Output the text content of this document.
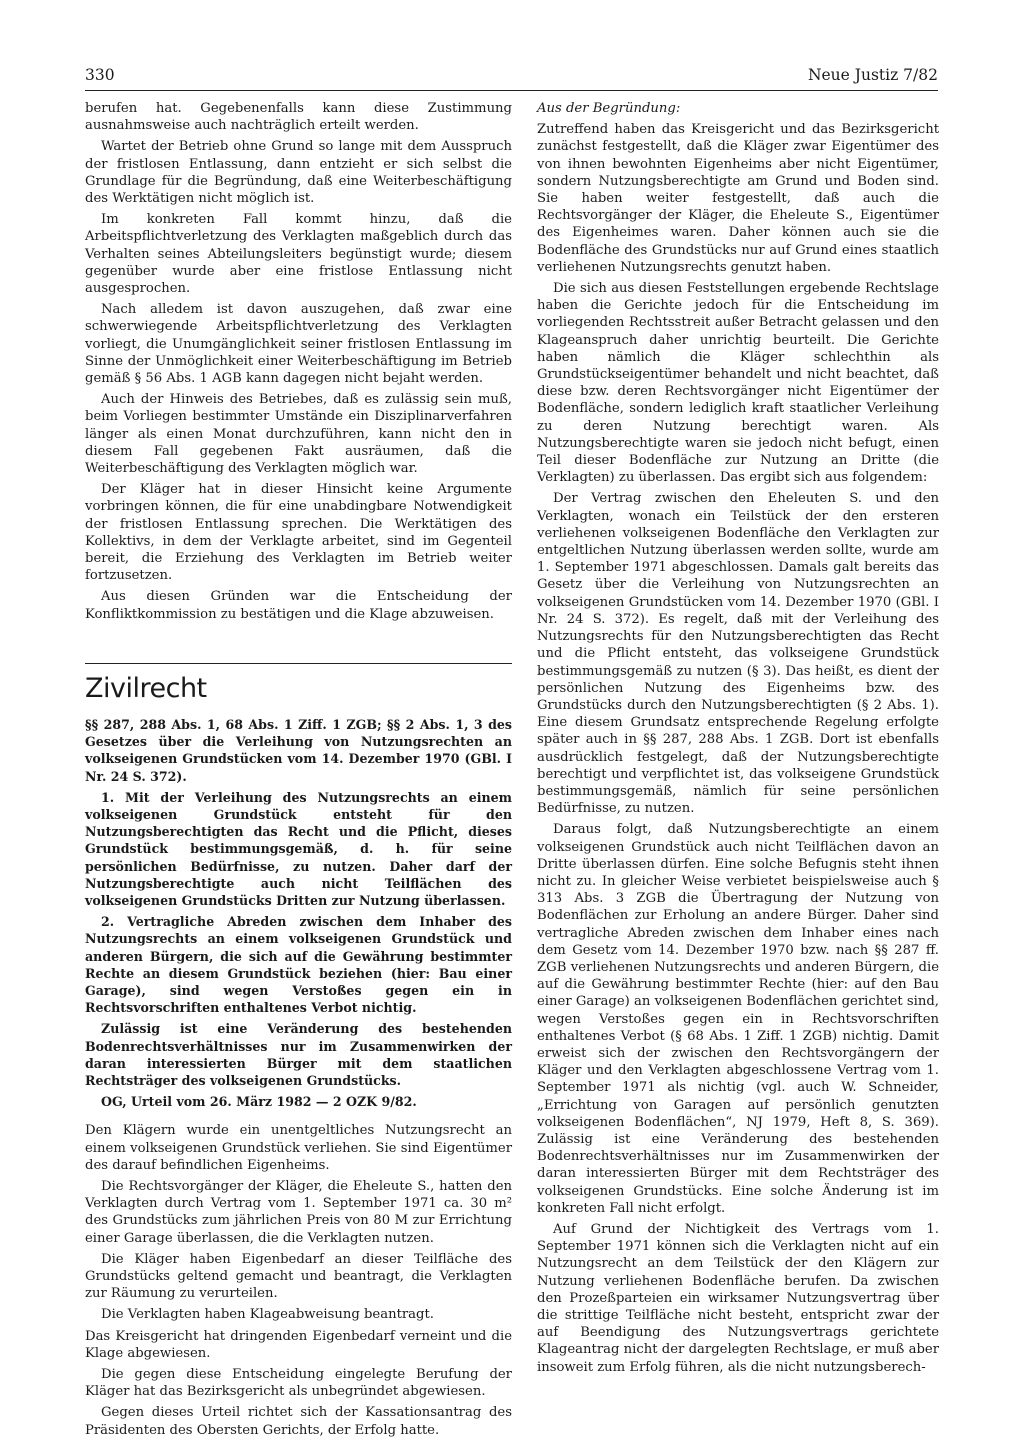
330	Neue Justiz 7/82

berufen hat. Gegebenenfalls kann diese Zustimmung ausnahmsweise auch nachträglich erteilt werden.

Wartet der Betrieb ohne Grund so lange mit dem Ausspruch der fristlosen Entlassung, dann entzieht er sich selbst die Grundlage für die Begründung, daß eine Weiterbeschäftigung des Werktätigen nicht möglich ist.

Im konkreten Fall kommt hinzu, daß die Arbeitspflichtverletzung des Verklagten maßgeblich durch das Verhalten seines Abteilungsleiters begünstigt wurde; diesem gegenüber wurde aber eine fristlose Entlassung nicht ausgesprochen.

Nach alledem ist davon auszugehen, daß zwar eine schwerwiegende Arbeitspflichtverletzung des Verklagten vorliegt, die Unumgänglichkeit seiner fristlosen Entlassung im Sinne der Unmöglichkeit einer Weiterbeschäftigung im Betrieb gemäß § 56 Abs. 1 AGB kann dagegen nicht bejaht werden.

Auch der Hinweis des Betriebes, daß es zulässig sein muß, beim Vorliegen bestimmter Umstände ein Disziplinarverfahren länger als einen Monat durchzuführen, kann nicht den in diesem Fall gegebenen Fakt ausräumen, daß die Weiterbeschäftigung des Verklagten möglich war.

Der Kläger hat in dieser Hinsicht keine Argumente vorbringen können, die für eine unabdingbare Notwendigkeit der fristlosen Entlassung sprechen. Die Werktätigen des Kollektivs, in dem der Verklagte arbeitet, sind im Gegenteil bereit, die Erziehung des Verklagten im Betrieb weiter fortzusetzen.

Aus diesen Gründen war die Entscheidung der Konfliktkommission zu bestätigen und die Klage abzuweisen.

Zivilrecht

§§ 287, 288 Abs. 1, 68 Abs. 1 Ziff. 1 ZGB; §§ 2 Abs. 1, 3 des Gesetzes über die Verleihung von Nutzungsrechten an volkseigenen Grundstücken vom 14. Dezember 1970 (GBl. I Nr. 24 S. 372).

1. Mit der Verleihung des Nutzungsrechts an einem volkseigenen Grundstück entsteht für den Nutzungsberechtigten das Recht und die Pflicht, dieses Grundstück bestimmungsgemäß, d. h. für seine persönlichen Bedürfnisse, zu nutzen. Daher darf der Nutzungsberechtigte auch nicht Teilflächen des volkseigenen Grundstücks Dritten zur Nutzung überlassen.

2. Vertragliche Abreden zwischen dem Inhaber des Nutzungsrechts an einem volkseigenen Grundstück und anderen Bürgern, die sich auf die Gewährung bestimmter Rechte an diesem Grundstück beziehen (hier: Bau einer Garage), sind wegen Verstoßes gegen ein in Rechtsvorschriften enthaltenes Verbot nichtig.

Zulässig ist eine Veränderung des bestehenden Bodenrechtsverhältnisses nur im Zusammenwirken der daran interessierten Bürger mit dem staatlichen Rechtsträger des volkseigenen Grundstücks.

OG, Urteil vom 26. März 1982 — 2 OZK 9/82.

Den Klägern wurde ein unentgeltliches Nutzungsrecht an einem volkseigenen Grundstück verliehen. Sie sind Eigentümer des darauf befindlichen Eigenheims.

Die Rechtsvorgänger der Kläger, die Eheleute S., hatten den Verklagten durch Vertrag vom 1. September 1971 ca. 30 m² des Grundstücks zum jährlichen Preis von 80 M zur Errichtung einer Garage überlassen, die die Verklagten nutzen.

Die Kläger haben Eigenbedarf an dieser Teilfläche des Grundstücks geltend gemacht und beantragt, die Verklagten zur Räumung zu verurteilen.

Die Verklagten haben Klageabweisung beantragt.

Das Kreisgericht hat dringenden Eigenbedarf verneint und die Klage abgewiesen.

Die gegen diese Entscheidung eingelegte Berufung der Kläger hat das Bezirksgericht als unbegründet abgewiesen.

Gegen dieses Urteil richtet sich der Kassationsantrag des Präsidenten des Obersten Gerichts, der Erfolg hatte.

Aus der Begründung:

Zutreffend haben das Kreisgericht und das Bezirksgericht zunächst festgestellt, daß die Kläger zwar Eigentümer des von ihnen bewohnten Eigenheims aber nicht Eigentümer, sondern Nutzungsberechtigte am Grund und Boden sind. Sie haben weiter festgestellt, daß auch die Rechtsvorgänger der Kläger, die Eheleute S., Eigentümer des Eigenheimes waren. Daher können auch sie die Bodenfläche des Grundstücks nur auf Grund eines staatlich verliehenen Nutzungsrechts genutzt haben.

Die sich aus diesen Feststellungen ergebende Rechtslage haben die Gerichte jedoch für die Entscheidung im vorliegenden Rechtsstreit außer Betracht gelassen und den Klageanspruch daher unrichtig beurteilt. Die Gerichte haben nämlich die Kläger schlechthin als Grundstückseigentümer behandelt und nicht beachtet, daß diese bzw. deren Rechtsvorgänger nicht Eigentümer der Bodenfläche, sondern lediglich kraft staatlicher Verleihung zu deren Nutzung berechtigt waren. Als Nutzungsberechtigte waren sie jedoch nicht befugt, einen Teil dieser Bodenfläche zur Nutzung an Dritte (die Verklagten) zu überlassen. Das ergibt sich aus folgendem:

Der Vertrag zwischen den Eheleuten S. und den Verklagten, wonach ein Teilstück der den ersteren verliehenen volkseigenen Bodenfläche den Verklagten zur entgeltlichen Nutzung überlassen werden sollte, wurde am 1. September 1971 abgeschlossen. Damals galt bereits das Gesetz über die Verleihung von Nutzungsrechten an volkseigenen Grundstücken vom 14. Dezember 1970 (GBl. I Nr. 24 S. 372). Es regelt, daß mit der Verleihung des Nutzungsrechts für den Nutzungsberechtigten das Recht und die Pflicht entsteht, das volkseigene Grundstück bestimmungsgemäß zu nutzen (§ 3). Das heißt, es dient der persönlichen Nutzung des Eigenheims bzw. des Grundstücks durch den Nutzungsberechtigten (§ 2 Abs. 1). Eine diesem Grundsatz entsprechende Regelung erfolgte später auch in §§ 287, 288 Abs. 1 ZGB. Dort ist ebenfalls ausdrücklich festgelegt, daß der Nutzungsberechtigte berechtigt und verpflichtet ist, das volkseigene Grundstück bestimmungsgemäß, nämlich für seine persönlichen Bedürfnisse, zu nutzen.

Daraus folgt, daß Nutzungsberechtigte an einem volkseigenen Grundstück auch nicht Teilflächen davon an Dritte überlassen dürfen. Eine solche Befugnis steht ihnen nicht zu. In gleicher Weise verbietet beispielsweise auch § 313 Abs. 3 ZGB die Übertragung der Nutzung von Bodenflächen zur Erholung an andere Bürger. Daher sind vertragliche Abreden zwischen dem Inhaber eines nach dem Gesetz vom 14. Dezember 1970 bzw. nach §§ 287 ff. ZGB verliehenen Nutzungsrechts und anderen Bürgern, die auf die Gewährung bestimmter Rechte (hier: auf den Bau einer Garage) an volkseigenen Bodenflächen gerichtet sind, wegen Verstoßes gegen ein in Rechtsvorschriften enthaltenes Verbot (§ 68 Abs. 1 Ziff. 1 ZGB) nichtig. Damit erweist sich der zwischen den Rechtsvorgängern der Kläger und den Verklagten abgeschlossene Vertrag vom 1. September 1971 als nichtig (vgl. auch W. Schneider, „Errichtung von Garagen auf persönlich genutzten volkseigenen Bodenflächen“, NJ 1979, Heft 8, S. 369). Zulässig ist eine Veränderung des bestehenden Bodenrechtsverhältnisses nur im Zusammenwirken der daran interessierten Bürger mit dem Rechtsträger des volkseigenen Grundstücks. Eine solche Änderung ist im konkreten Fall nicht erfolgt.

Auf Grund der Nichtigkeit des Vertrags vom 1. September 1971 können sich die Verklagten nicht auf ein Nutzungsrecht an dem Teilstück der den Klägern zur Nutzung verliehenen Bodenfläche berufen. Da zwischen den Prozeßparteien ein wirksamer Nutzungsvertrag über die strittige Teilfläche nicht besteht, entspricht zwar der auf Beendigung des Nutzungsvertrags gerichtete Klageantrag nicht der dargelegten Rechtslage, er muß aber insoweit zum Erfolg führen, als die nicht nutzungsberech-
